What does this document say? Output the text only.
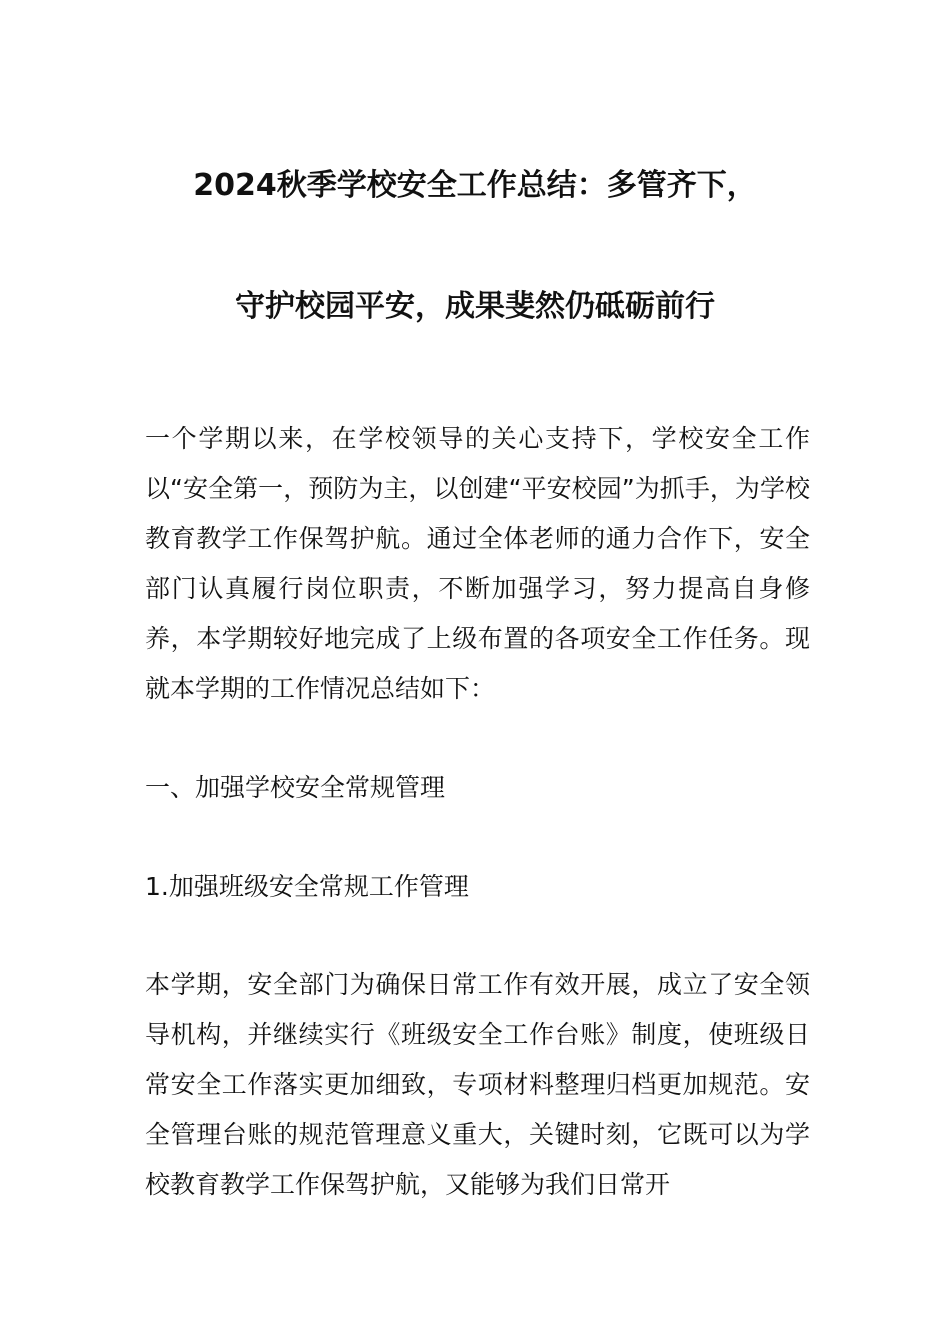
2024秋季学校安全工作总结：多管齐下，
守护校园平安，成果斐然仍砥砺前行
一个学期以来，在学校领导的关心支持下，学校安全工作以“安全第一，预防为主，以创建“平安校园”为抓手，为学校教育教学工作保驾护航。通过全体老师的通力合作下，安全部门认真履行岗位职责，不断加强学习，努力提高自身修养，本学期较好地完成了上级布置的各项安全工作任务。现就本学期的工作情况总结如下：
一、加强学校安全常规管理
1.加强班级安全常规工作管理
本学期，安全部门为确保日常工作有效开展，成立了安全领导机构，并继续实行《班级安全工作台账》制度，使班级日常安全工作落实更加细致，专项材料整理归档更加规范。安全管理台账的规范管理意义重大，关键时刻，它既可以为学校教育教学工作保驾护航，又能够为我们日常开
